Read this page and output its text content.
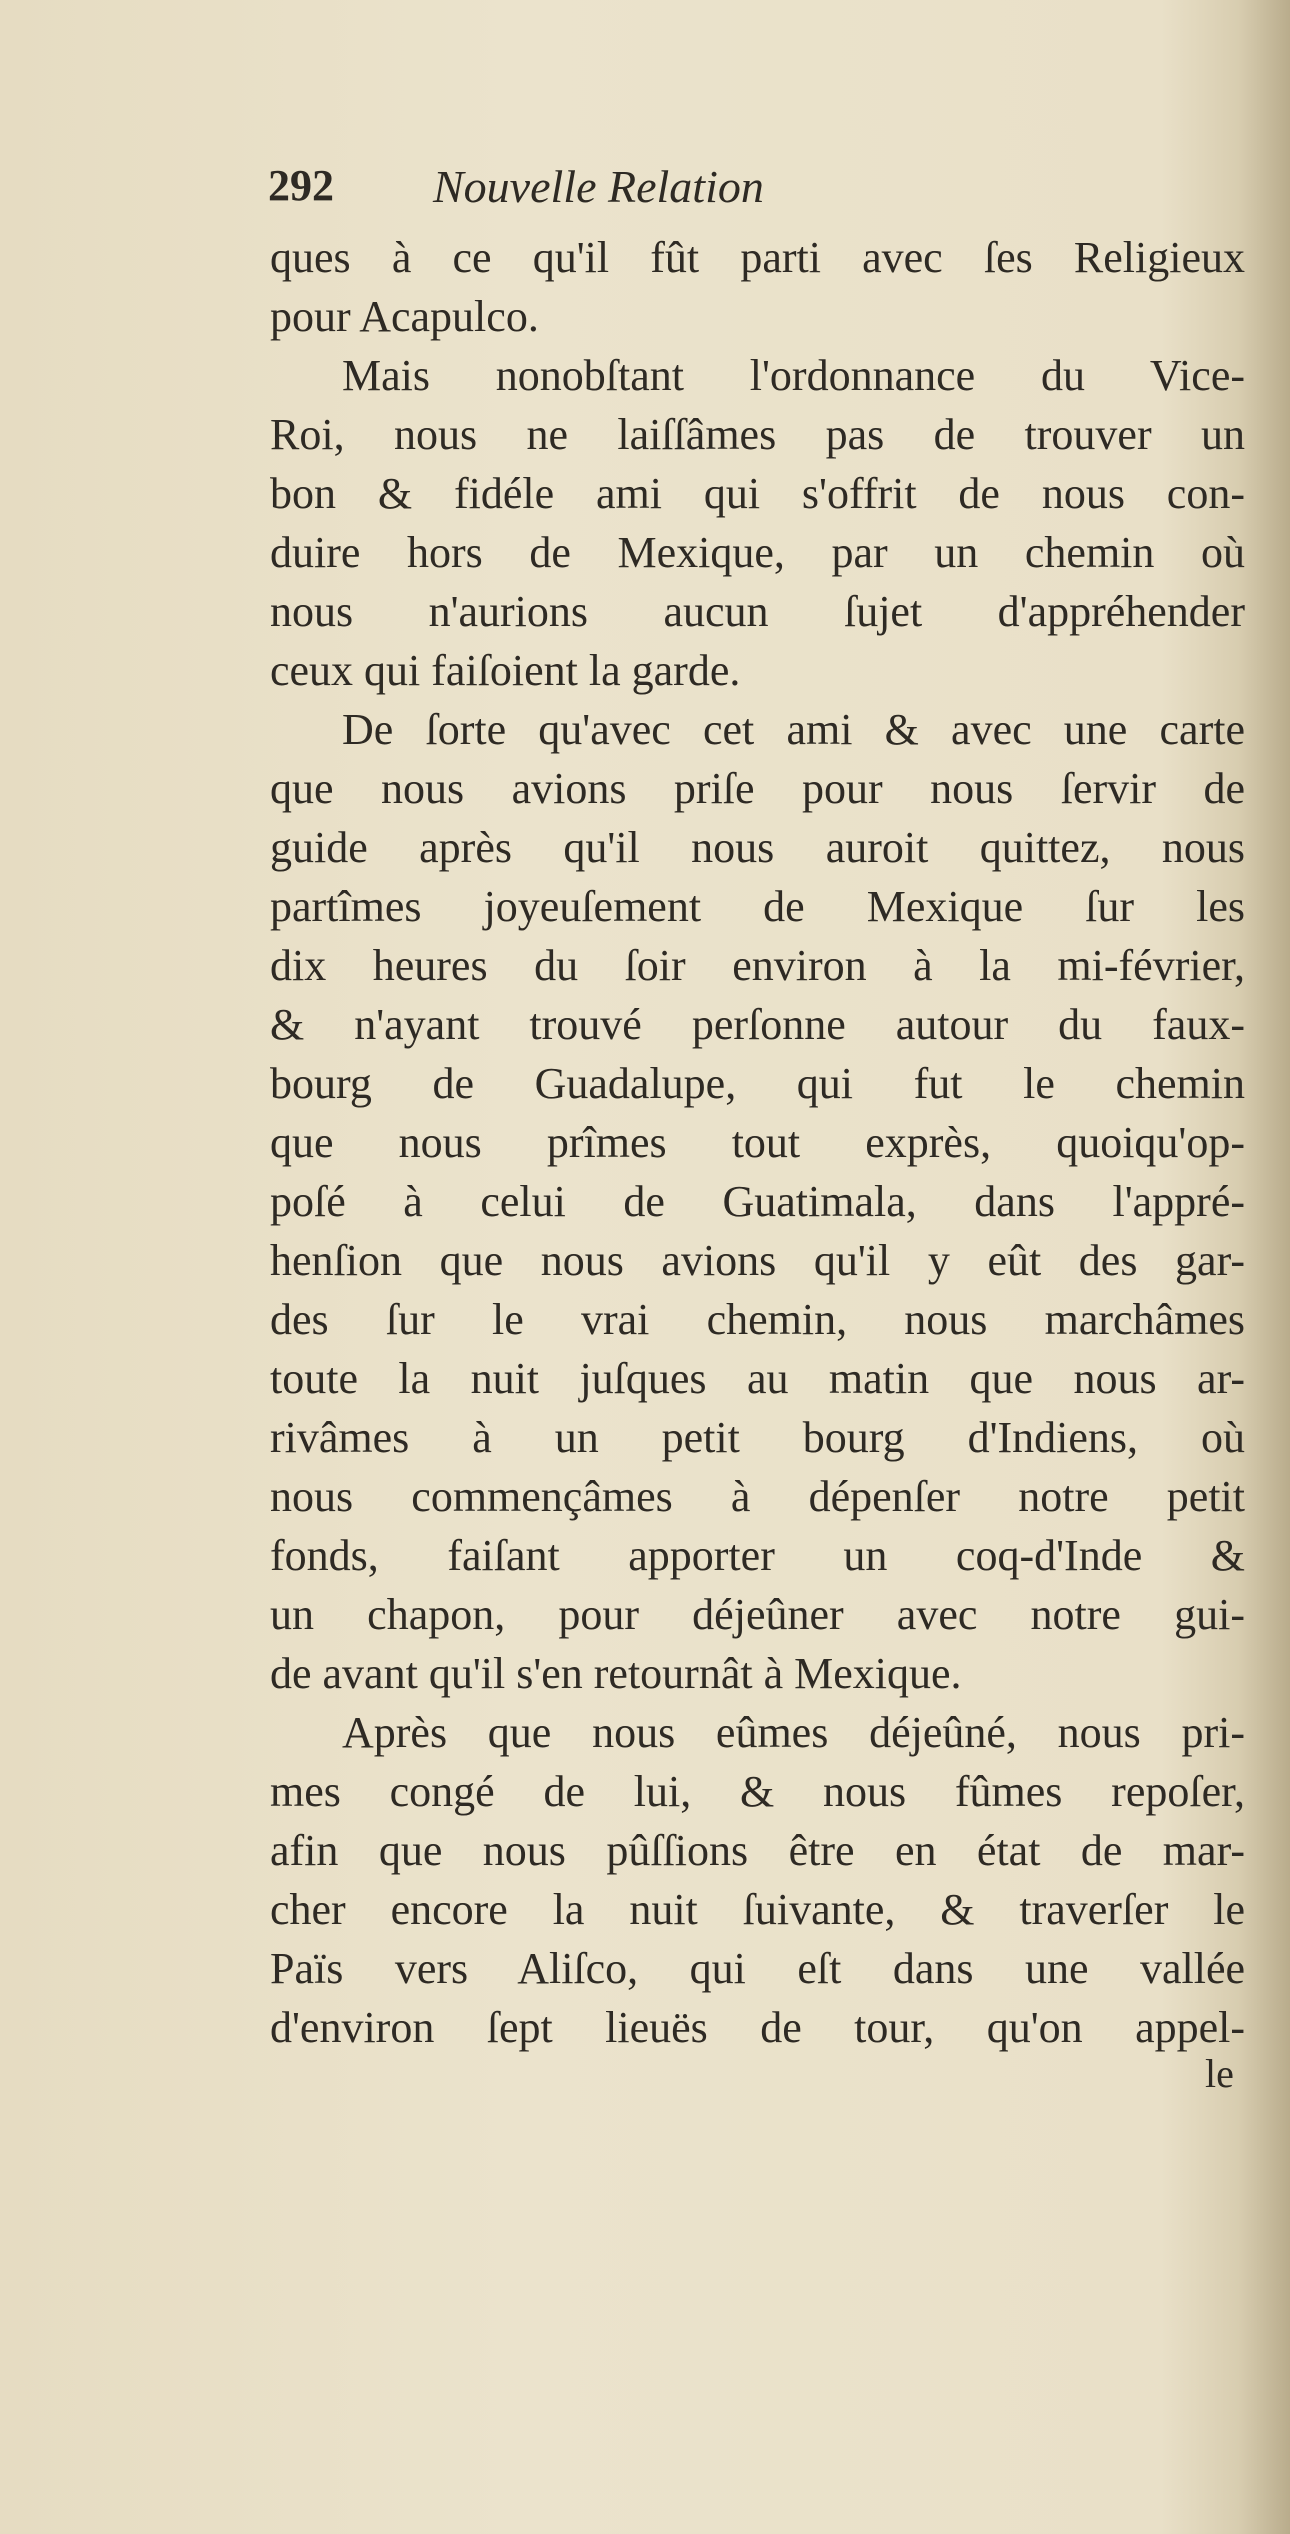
292 Nouvelle Relation
ques à ce qu'il fût parti avec ſes Religieux
pour Acapulco.
Mais nonobſtant l'ordonnance du Vice-
Roi, nous ne laiſſâmes pas de trouver un
bon & fidéle ami qui s'offrit de nous con-
duire hors de Mexique, par un chemin où
nous n'aurions aucun ſujet d'appréhender
ceux qui faiſoient la garde.
De ſorte qu'avec cet ami & avec une carte
que nous avions priſe pour nous ſervir de
guide après qu'il nous auroit quittez, nous
partîmes joyeuſement de Mexique ſur les
dix heures du ſoir environ à la mi-février,
& n'ayant trouvé perſonne autour du faux-
bourg de Guadalupe, qui fut le chemin
que nous prîmes tout exprès, quoiqu'op-
poſé à celui de Guatimala, dans l'appré-
henſion que nous avions qu'il y eût des gar-
des ſur le vrai chemin, nous marchâmes
toute la nuit juſques au matin que nous ar-
rivâmes à un petit bourg d'Indiens, où
nous commençâmes à dépenſer notre petit
fonds, faiſant apporter un coq-d'Inde &
un chapon, pour déjeûner avec notre gui-
de avant qu'il s'en retournât à Mexique.
Après que nous eûmes déjeûné, nous pri-
mes congé de lui, & nous fûmes repoſer,
afin que nous pûſſions être en état de mar-
cher encore la nuit ſuivante, & traverſer le
Païs vers Aliſco, qui eſt dans une vallée
d'environ ſept lieuës de tour, qu'on appel-
le
